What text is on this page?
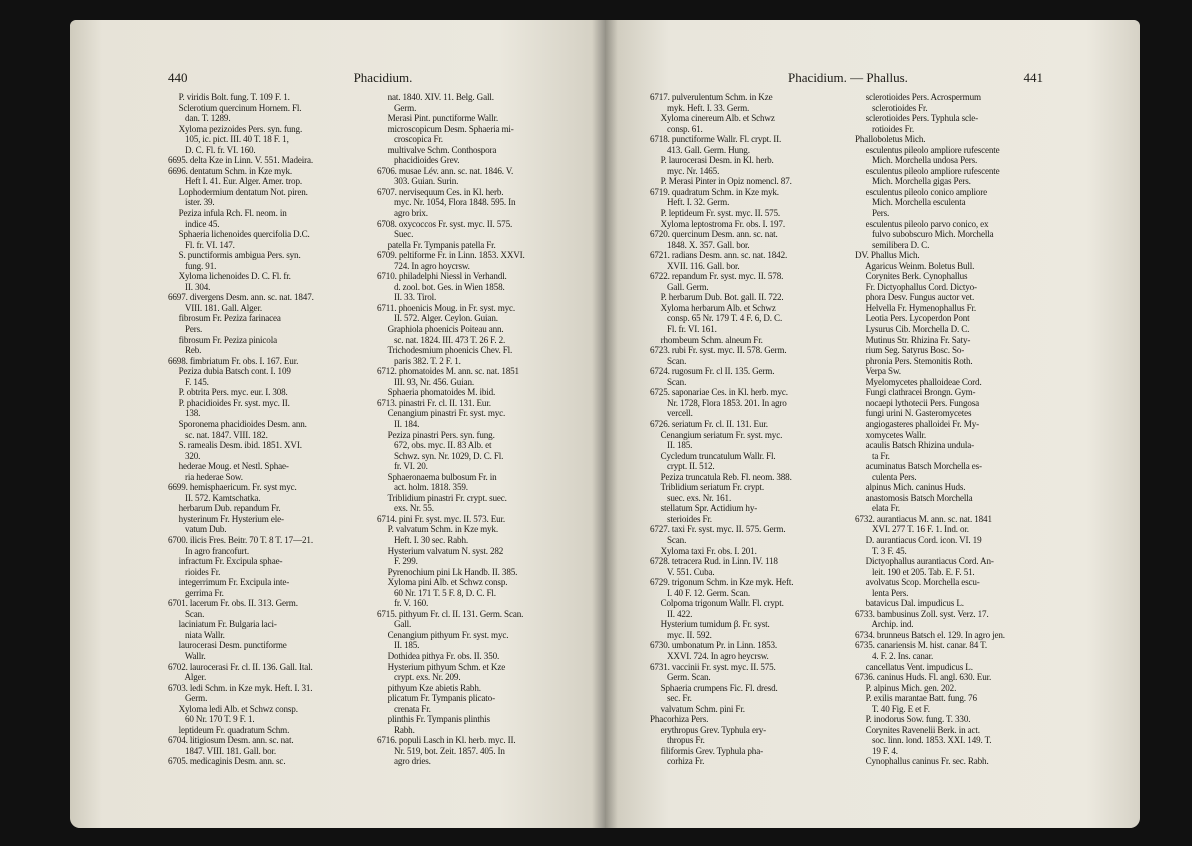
440	Phacidium.
P. viridis Bolt. fung. T. 109 F. 1.
Sclerotium quercinum Hornem. Fl.
dan. T. 1289.
Xyloma pezizoides Pers. syn. fung.
105, ic. pict. III. 40 T. 18 F. 1,
D. C. Fl. fr. VI. 160.
6695. delta Kze in Linn. V. 551. Madeira.
6696. dentatum Schm. in Kze myk.
Heft I. 41. Eur. Alger. Amer. trop.
Lophodermium dentatum Not. piren.
ister. 39.
Peziza infula Rch. Fl. neom. in
indice 45.
Sphaeria lichenoides quercifolia D.C.
Fl. fr. VI. 147.
S. punctiformis ambigua Pers. syn.
fung. 91.
Xyloma lichenoides D. C. Fl. fr.
II. 304.
6697. divergens Desm. ann. sc. nat. 1847.
VIII. 181. Gall. Alger.
fibrosum Fr. Peziza farinacea
Pers.
fibrosum Fr. Peziza pinicola
Reb.
6698. fimbriatum Fr. obs. I. 167. Eur.
Peziza dubia Batsch cont. I. 109
F. 145.
P. obtrita Pers. myc. eur. I. 308.
P. phacidioides Fr. syst. myc. II.
138.
Sporonema phacidioides Desm. ann.
sc. nat. 1847. VIII. 182.
S. ramealis Desm. ibid. 1851. XVI.
320.
hederae Moug. et Nestl. Sphae-
ria hederae Sow.
6699. hemisphaericum. Fr. syst myc.
II. 572. Kamtschatka.
herbarum Dub. repandum Fr.
hysterinum Fr. Hysterium ele-
vatum Dub.
6700. ilicis Fres. Beitr. 70 T. 8 T. 17—21.
In agro francofurt.
infractum Fr. Excipula sphae-
rioides Fr.
integerrimum Fr. Excipula inte-
gerrima Fr.
6701. lacerum Fr. obs. II. 313. Germ.
Scan.
laciniatum Fr. Bulgaria laci-
niata Wallr.
laurocerasi Desm. punctiforme
Wallr.
6702. laurocerasi Fr. cl. II. 136. Gall. Ital.
Alger.
6703. ledi Schm. in Kze myk. Heft. I. 31.
Germ.
Xyloma ledi Alb. et Schwz consp.
60 Nr. 170 T. 9 F. 1.
leptideum Fr. quadratum Schm.
6704. litigiosum Desm. ann. sc. nat.
1847. VIII. 181. Gall. bor.
6705. medicaginis Desm. ann. sc.
nat. 1840. XIV. 11. Belg. Gall.
Germ.
Merasi Pint. punctiforme Wallr.
microscopicum Desm. Sphaeria mi-
croscopica Fr.
multivalve Schm. Conthospora
phacidioides Grev.
6706. musae Lév. ann. sc. nat. 1846. V.
303. Guian. Surin.
6707. nervisequum Ces. in Kl. herb.
myc. Nr. 1054, Flora 1848. 595. In
agro brix.
6708. oxycoccos Fr. syst. myc. II. 575.
Suec.
patella Fr. Tympanis patella Fr.
6709. peltiforme Fr. in Linn. 1853. XXVI.
724. In agro hoycrsw.
6710. philadelphi Niessl in Verhandl.
d. zool. bot. Ges. in Wien 1858.
II. 33. Tirol.
6711. phoenicis Moug. in Fr. syst. myc.
II. 572. Alger. Ceylon. Guian.
Graphiola phoenicis Poiteau ann.
sc. nat. 1824. III. 473 T. 26 F. 2.
Trichodesmium phoenicis Chev. Fl.
paris 382. T. 2 F. 1.
6712. phomatoides M. ann. sc. nat. 1851
III. 93, Nr. 456. Guian.
Sphaeria phomatoides M. ibid.
6713. pinastri Fr. cl. II. 131. Eur.
Cenangium pinastri Fr. syst. myc.
II. 184.
Peziza pinastri Pers. syn. fung.
672, obs. myc. II. 83 Alb. et
Schwz. syn. Nr. 1029, D. C. Fl.
fr. VI. 20.
Sphaeronaema bulbosum Fr. in
act. holm. 1818. 359.
Triblidium pinastri Fr. crypt. suec.
exs. Nr. 55.
6714. pini Fr. syst. myc. II. 573. Eur.
P. valvatum Schm. in Kze myk.
Heft. I. 30 sec. Rabh.
Hysterium valvatum N. syst. 282
F. 299.
Pyrenochium pini Lk Handb. II. 385.
Xyloma pini Alb. et Schwz consp.
60 Nr. 171 T. 5 F. 8, D. C. Fl.
fr. V. 160.
6715. pithyum Fr. cl. II. 131. Germ. Scan.
Gall.
Cenangium pithyum Fr. syst. myc.
II. 185.
Dothidea pithya Fr. obs. II. 350.
Hysterium pithyum Schm. et Kze
crypt. exs. Nr. 209.
pithyum Kze abietis Rabh.
plicatum Fr. Tympanis plicato-
crenata Fr.
plinthis Fr. Tympanis plinthis
Rabh.
6716. populi Lasch in Kl. herb. myc. II.
Nr. 519, bot. Zeit. 1857. 405. In
agro dries.
Phacidium. — Phallus.	441
6717. pulverulentum Schm. in Kze
myk. Heft. I. 33. Germ.
Xyloma cinereum Alb. et Schwz
consp. 61.
6718. punctiforme Wallr. Fl. crypt. II.
413. Gall. Germ. Hung.
P. laurocerasi Desm. in Kl. herb.
myc. Nr. 1465.
P. Merasi Pinter in Opiz nomencl. 87.
6719. quadratum Schm. in Kze myk.
Heft. I. 32. Germ.
P. leptideum Fr. syst. myc. II. 575.
Xyloma leptostroma Fr. obs. I. 197.
6720. quercinum Desm. ann. sc. nat.
1848. X. 357. Gall. bor.
6721. radians Desm. ann. sc. nat. 1842.
XVII. 116. Gall. bor.
6722. repandum Fr. syst. myc. II. 578.
Gall. Germ.
P. herbarum Dub. Bot. gall. II. 722.
Xyloma herbarum Alb. et Schwz
consp. 65 Nr. 179 T. 4 F. 6, D. C.
Fl. fr. VI. 161.
rhombeum Schm. alneum Fr.
6723. rubi Fr. syst. myc. II. 578. Germ.
Scan.
6724. rugosum Fr. cl II. 135. Germ.
Scan.
6725. saponariae Ces. in Kl. herb. myc.
Nr. 1728, Flora 1853. 201. In agro
vercell.
6726. seriatum Fr. cl. II. 131. Eur.
Cenangium seriatum Fr. syst. myc.
II. 185.
Cycledum truncatulum Wallr. Fl.
crypt. II. 512.
Peziza truncatula Reb. Fl. neom. 388.
Triblidium seriatum Fr. crypt.
suec. exs. Nr. 161.
stellatum Spr. Actidium hy-
sterioides Fr.
6727. taxi Fr. syst. myc. II. 575. Germ.
Scan.
Xyloma taxi Fr. obs. I. 201.
6728. tetracera Rud. in Linn. IV. 118
V. 551. Cuba.
6729. trigonum Schm. in Kze myk. Heft.
I. 40 F. 12. Germ. Scan.
Colpoma trigonum Wallr. Fl. crypt.
II. 422.
Hysterium tumidum β. Fr. syst.
myc. II. 592.
6730. umbonatum Pr. in Linn. 1853.
XXVI. 724. In agro heycrsw.
6731. vaccinii Fr. syst. myc. II. 575.
Germ. Scan.
Sphaeria crumpens Fic. Fl. dresd.
sec. Fr.
valvatum Schm. pini Fr.
Phacorhiza Pers.
erythropus Grev. Typhula ery-
thropus Fr.
filiformis Grev. Typhula pha-
corhiza Fr.
sclerotioides Pers. Acrospermum
sclerotioides Fr.
sclerotioides Pers. Typhula scle-
rotioides Fr.
Phalloboletus Mich.
esculentus pileolo ampliore rufescente
Mich. Morchella undosa Pers.
esculentus pileolo ampliore rufescente
Mich. Morchella gigas Pers.
esculentus pileolo conico ampliore
Mich. Morchella esculenta
Pers.
esculentus pileolo parvo conico, ex
fulvo subobscuro Mich. Morchella
semilibera D. C.
DV. Phallus Mich.
Agaricus Weinm. Boletus Bull.
Corynites Berk. Cynophallus
Fr. Dictyophallus Cord. Dictyo-
phora Desv. Fungus auctor vet.
Helvella Fr. Hymenophallus Fr.
Leotia Pers. Lycoperdon Pont
Lysurus Cib. Morchella D. C.
Mutinus Str. Rhizina Fr. Saty-
rium Seg. Satyrus Bosc. So-
phronia Pers. Stemonitis Roth.
Verpa Sw.
Myelomycetes phalloideae Cord.
Fungi clathracei Brongn. Gym-
nocaepi lythotecii Pers. Fungosa
fungi urini N. Gasteromycetes
angiogasteres phalloidei Fr. My-
xomycetes Wallr.
acaulis Batsch Rhizina undula-
ta Fr.
acuminatus Batsch Morchella es-
culenta Pers.
alpinus Mich. caninus Huds.
anastomosis Batsch Morchella
elata Fr.
6732. aurantiacus M. ann. sc. nat. 1841
XVI. 277 T. 16 F. 1. Ind. or.
D. aurantiacus Cord. icon. VI. 19
T. 3 F. 45.
Dictyophallus aurantiacus Cord. An-
leit. 190 et 205. Tab. E. F. 51.
avolvatus Scop. Morchella escu-
lenta Pers.
batavicus Dal. impudicus L.
6733. bambusinus Zoll. syst. Verz. 17.
Archip. ind.
6734. brunneus Batsch el. 129. In agro jen.
6735. canariensis M. hist. canar. 84 T.
4. F. 2. Ins. canar.
cancellatus Vent. impudicus L.
6736. caninus Huds. Fl. angl. 630. Eur.
P. alpinus Mich. gen. 202.
P. exilis marantae Batt. fung. 76
T. 40 Fig. E et F.
P. inodorus Sow. fung. T. 330.
Corynites Ravenelii Berk. in act.
soc. linn. lond. 1853. XXI. 149. T.
19 F. 4.
Cynophallus caninus Fr. sec. Rabh.
